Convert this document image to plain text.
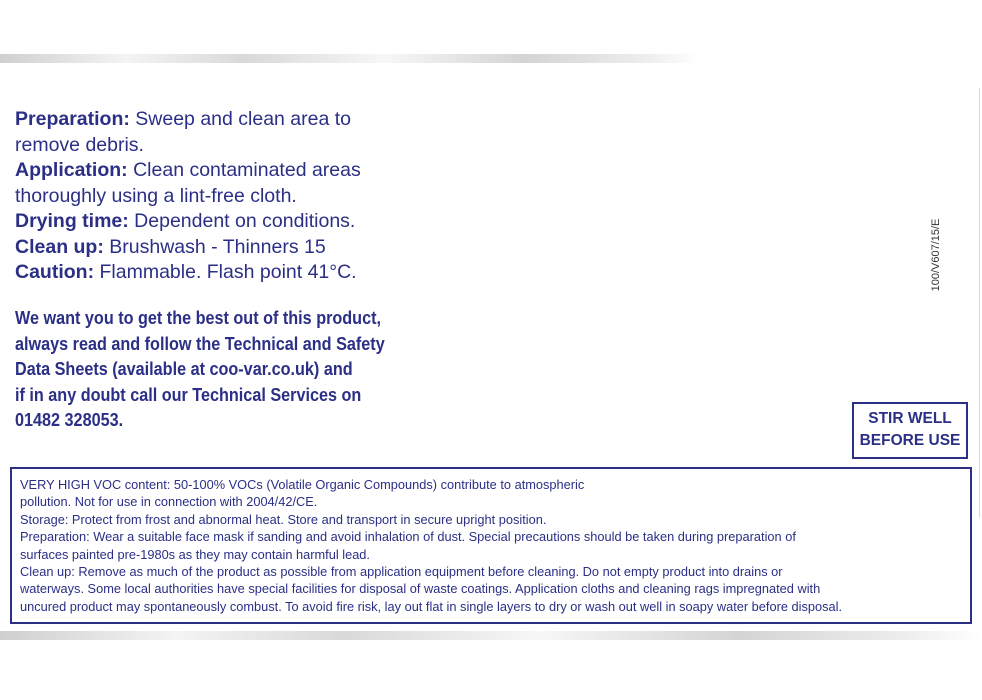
Preparation: Sweep and clean area to
remove debris.
Application: Clean contaminated areas
thoroughly using a lint-free cloth.
Drying time: Dependent on conditions.
Clean up: Brushwash - Thinners 15
Caution: Flammable. Flash point 41°C.
We want you to get the best out of this product,
always read and follow the Technical and Safety
Data Sheets (available at coo-var.co.uk) and
if in any doubt call our Technical Services on
01482 328053.
100/V607/15/E
STIR WELL
BEFORE USE
VERY HIGH VOC content: 50-100% VOCs (Volatile Organic Compounds) contribute to atmospheric
pollution. Not for use in connection with 2004/42/CE.
Storage: Protect from frost and abnormal heat. Store and transport in secure upright position.
Preparation: Wear a suitable face mask if sanding and avoid inhalation of dust. Special precautions should be taken during preparation of
surfaces painted pre-1980s as they may contain harmful lead.
Clean up: Remove as much of the product as possible from application equipment before cleaning. Do not empty product into drains or
waterways. Some local authorities have special facilities for disposal of waste coatings. Application cloths and cleaning rags impregnated with
uncured product may spontaneously combust. To avoid fire risk, lay out flat in single layers to dry or wash out well in soapy water before disposal.
